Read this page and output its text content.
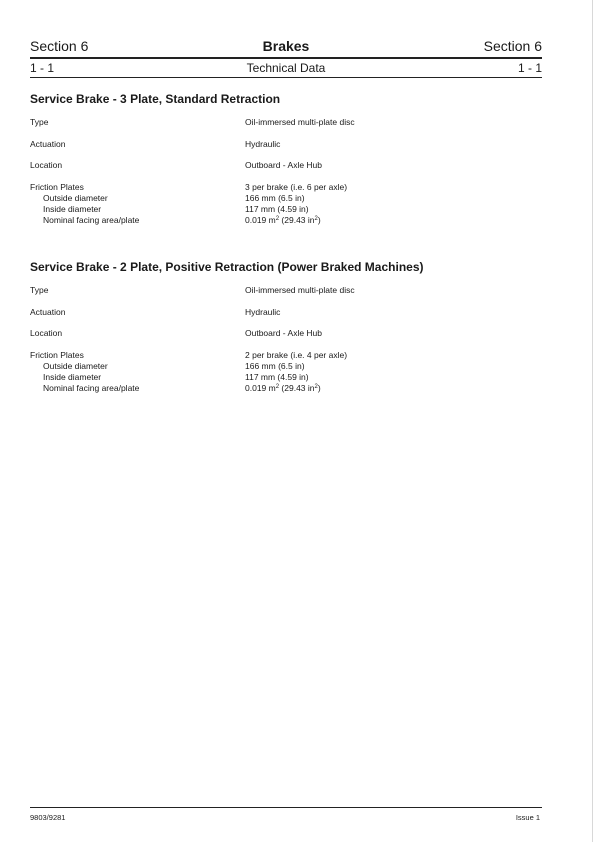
Section 6	Brakes	Section 6
1 - 1	Technical Data	1 - 1
Service Brake - 3 Plate, Standard Retraction
Type	Oil-immersed multi-plate disc
Actuation	Hydraulic
Location	Outboard - Axle Hub
Friction Plates	3 per brake (i.e. 6 per axle)
Outside diameter	166 mm (6.5 in)
Inside diameter	117 mm (4.59 in)
Nominal facing area/plate	0.019 $m^2$ (29.43 $in^2$)
Service Brake - 2 Plate, Positive Retraction (Power Braked Machines)
Type	Oil-immersed multi-plate disc
Actuation	Hydraulic
Location	Outboard - Axle Hub
Friction Plates	2 per brake (i.e. 4 per axle)
Outside diameter	166 mm (6.5 in)
Inside diameter	117 mm (4.59 in)
Nominal facing area/plate	0.019 $m^2$ (29.43 $in^2$)
9803/9281	Issue 1
